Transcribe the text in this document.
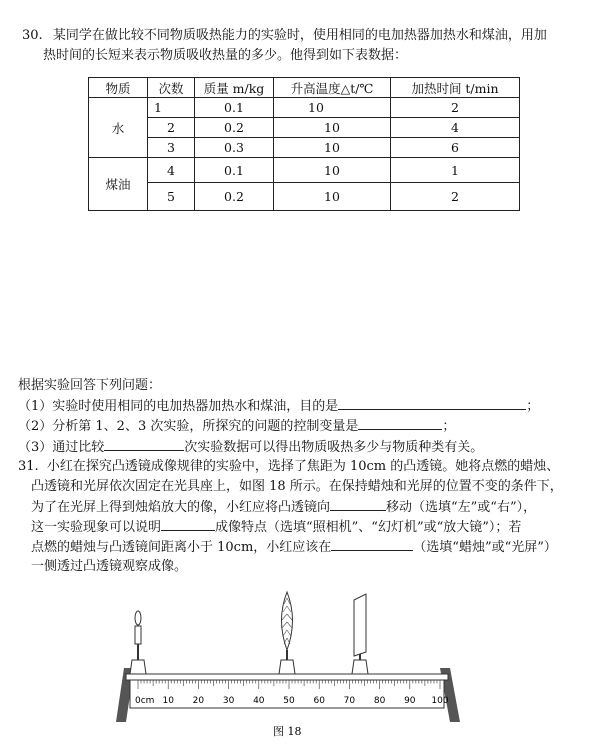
30. 某同学在做比较不同物质吸热能力的实验时，使用相同的电加热器加热水和煤油，用加
热时间的长短来表示物质吸收热量的多少。他得到如下表数据：
物质	次数	质量 m/kg	升高温度△t/℃	加热时间 t/min
水	1	0.1	10	2
	2	0.2	10	4
	3	0.3	10	6
煤油	4	0.1	10	1
	5	0.2	10	2
根据实验回答下列问题：
（1）实验时使用相同的电加热器加热水和煤油，目的是	；
（2）分析第 1、2、3 次实验，所探究的问题的控制变量是	；
（3）通过比较	次实验数据可以得出物质吸热多少与物质种类有关。
31. 小红在探究凸透镜成像规律的实验中，选择了焦距为 10cm 的凸透镜。她将点燃的蜡烛、
凸透镜和光屏依次固定在光具座上，如图 18 所示。在保持蜡烛和光屏的位置不变的条件下，
为了在光屏上得到烛焰放大的像，小红应将凸透镜向	移动（选填“左”或“右”），
这一实验现象可以说明	成像特点（选填“照相机”、“幻灯机”或“放大镜”）；若
点燃的蜡烛与凸透镜间距离小于 10cm，小红应该在	（选填“蜡烛”或“光屏”）
一侧透过凸透镜观察成像。
0cm 10 20 30 40 50 60 70 80 90 100
图 18
